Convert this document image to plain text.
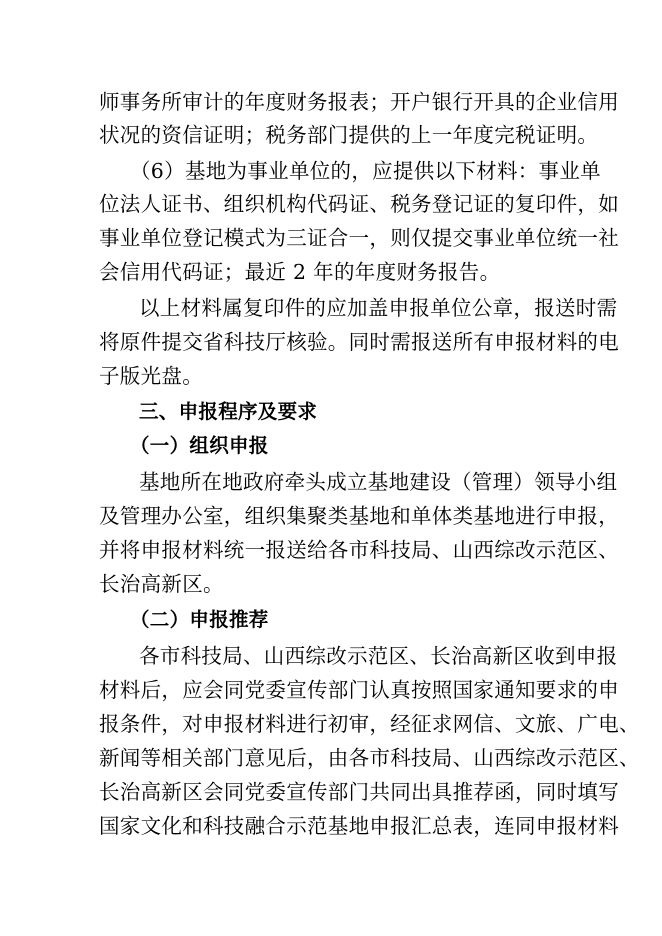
师事务所审计的年度财务报表；开户银行开具的企业信用
状况的资信证明；税务部门提供的上一年度完税证明。
（6）基地为事业单位的，应提供以下材料：事业单
位法人证书、组织机构代码证、税务登记证的复印件，如
事业单位登记模式为三证合一，则仅提交事业单位统一社
会信用代码证；最近 2 年的年度财务报告。
以上材料属复印件的应加盖申报单位公章，报送时需
将原件提交省科技厅核验。同时需报送所有申报材料的电
子版光盘。
三、申报程序及要求
（一）组织申报
基地所在地政府牵头成立基地建设（管理）领导小组
及管理办公室，组织集聚类基地和单体类基地进行申报，
并将申报材料统一报送给各市科技局、山西综改示范区、
长治高新区。
（二）申报推荐
各市科技局、山西综改示范区、长治高新区收到申报
材料后，应会同党委宣传部门认真按照国家通知要求的申
报条件，对申报材料进行初审，经征求网信、文旅、广电、
新闻等相关部门意见后，由各市科技局、山西综改示范区、
长治高新区会同党委宣传部门共同出具推荐函，同时填写
国家文化和科技融合示范基地申报汇总表，连同申报材料
